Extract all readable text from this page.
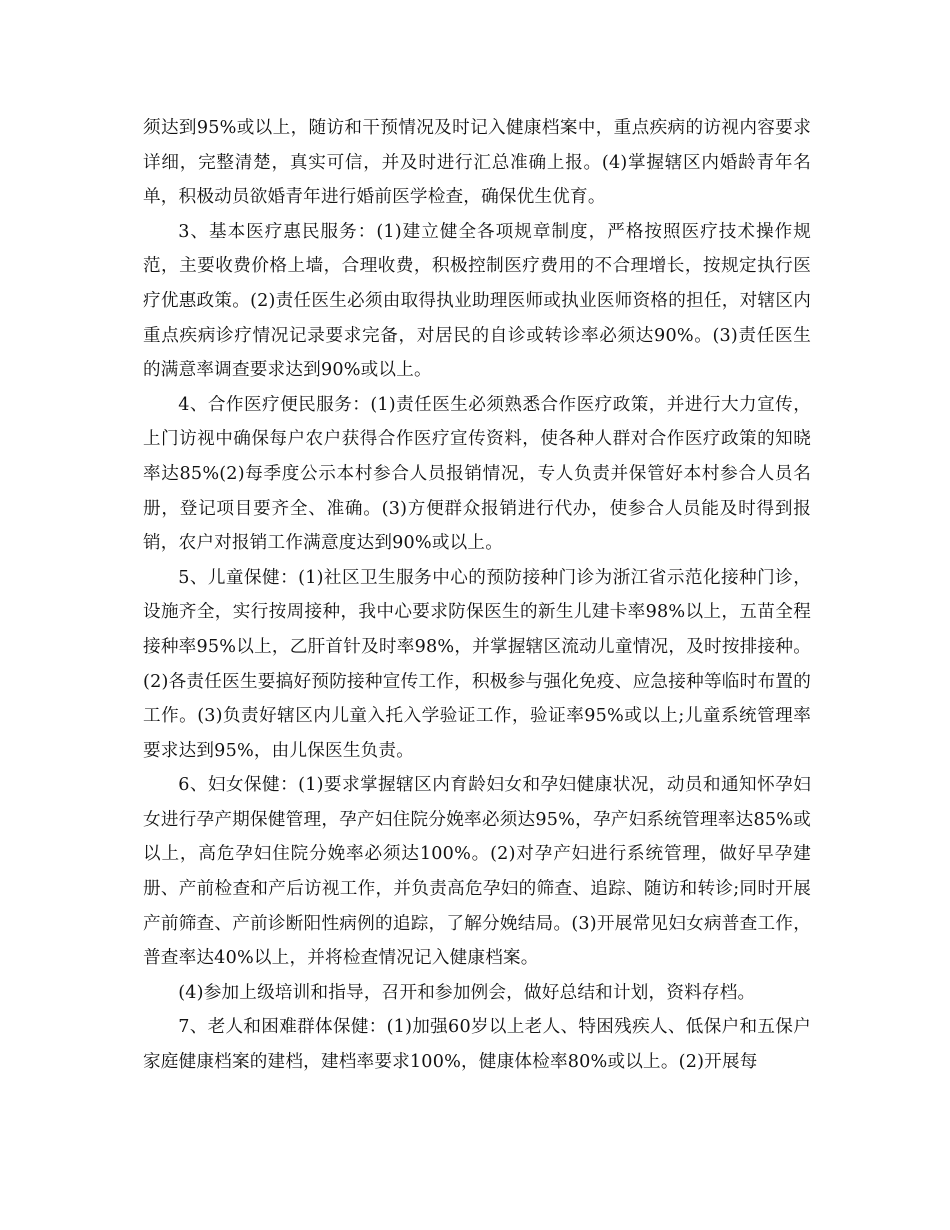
须达到95%或以上，随访和干预情况及时记入健康档案中，重点疾病的访视内容要求详细，完整清楚，真实可信，并及时进行汇总准确上报。(4)掌握辖区内婚龄青年名单，积极动员欲婚青年进行婚前医学检查，确保优生优育。

3、基本医疗惠民服务：(1)建立健全各项规章制度，严格按照医疗技术操作规范，主要收费价格上墙，合理收费，积极控制医疗费用的不合理增长，按规定执行医疗优惠政策。(2)责任医生必须由取得执业助理医师或执业医师资格的担任，对辖区内重点疾病诊疗情况记录要求完备，对居民的自诊或转诊率必须达90%。(3)责任医生的满意率调查要求达到90%或以上。

4、合作医疗便民服务：(1)责任医生必须熟悉合作医疗政策，并进行大力宣传，上门访视中确保每户农户获得合作医疗宣传资料，使各种人群对合作医疗政策的知晓率达85%(2)每季度公示本村参合人员报销情况，专人负责并保管好本村参合人员名册，登记项目要齐全、准确。(3)方便群众报销进行代办，使参合人员能及时得到报销，农户对报销工作满意度达到90%或以上。

5、儿童保健：(1)社区卫生服务中心的预防接种门诊为浙江省示范化接种门诊，设施齐全，实行按周接种，我中心要求防保医生的新生儿建卡率98%以上，五苗全程接种率95%以上，乙肝首针及时率98%，并掌握辖区流动儿童情况，及时按排接种。(2)各责任医生要搞好预防接种宣传工作，积极参与强化免疫、应急接种等临时布置的工作。(3)负责好辖区内儿童入托入学验证工作，验证率95%或以上;儿童系统管理率要求达到95%，由儿保医生负责。

6、妇女保健：(1)要求掌握辖区内育龄妇女和孕妇健康状况，动员和通知怀孕妇女进行孕产期保健管理，孕产妇住院分娩率必须达95%，孕产妇系统管理率达85%或以上，高危孕妇住院分娩率必须达100%。(2)对孕产妇进行系统管理，做好早孕建册、产前检查和产后访视工作，并负责高危孕妇的筛查、追踪、随访和转诊;同时开展产前筛查、产前诊断阳性病例的追踪，了解分娩结局。(3)开展常见妇女病普查工作，普查率达40%以上，并将检查情况记入健康档案。

(4)参加上级培训和指导，召开和参加例会，做好总结和计划，资料存档。

7、老人和困难群体保健：(1)加强60岁以上老人、特困残疾人、低保户和五保户家庭健康档案的建档，建档率要求100%，健康体检率80%或以上。(2)开展每
